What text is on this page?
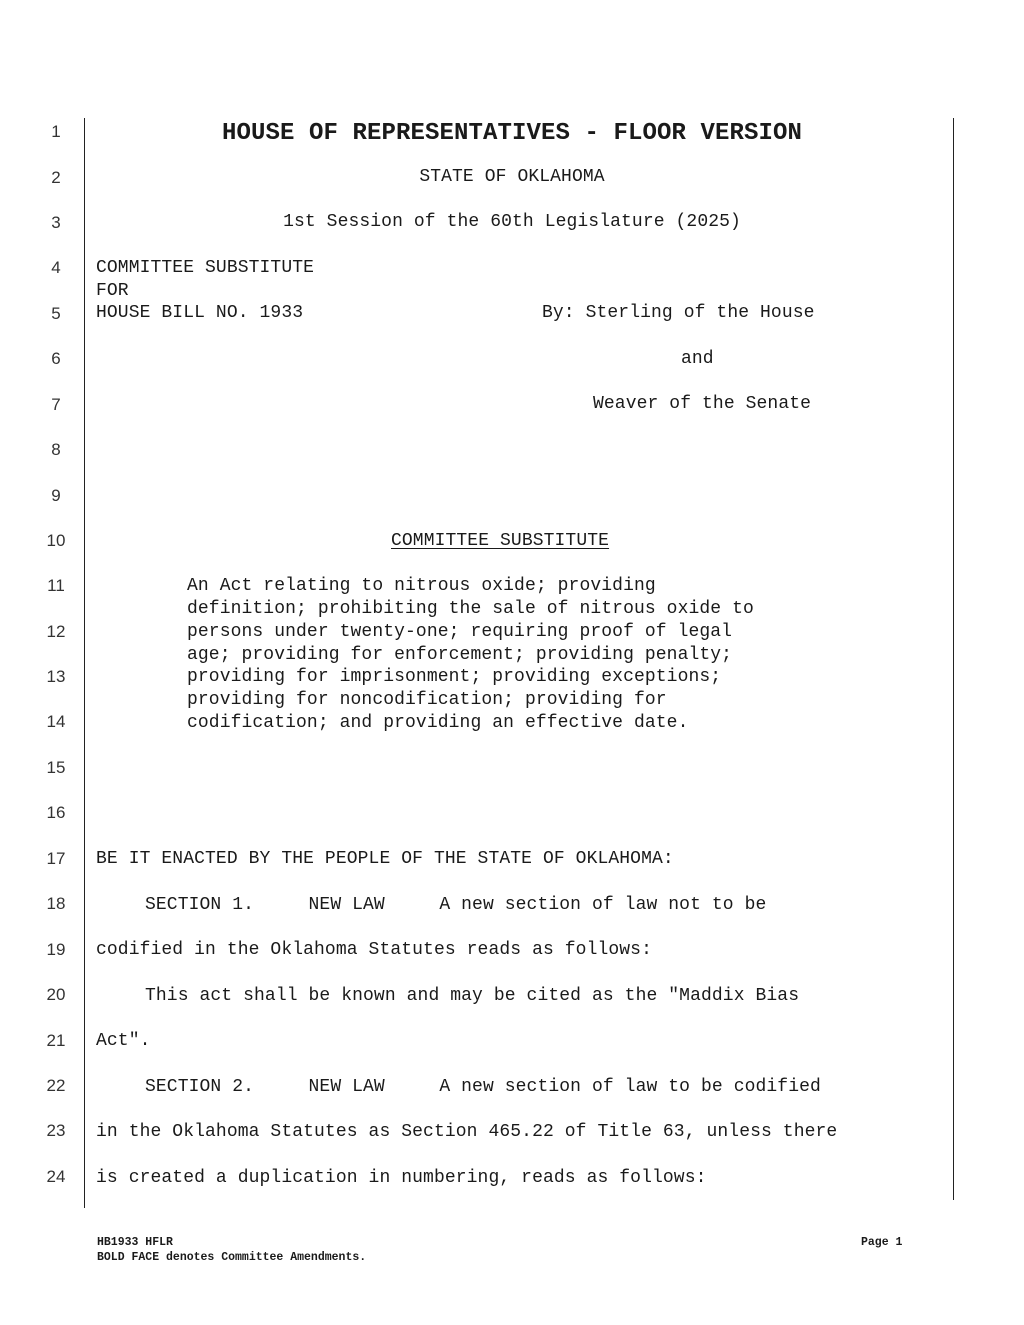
1
2
3
4
5
6
7
8
9
10
11
12
13
14
15
16
17
18
19
20
21
22
23
24
HOUSE OF REPRESENTATIVES - FLOOR VERSION
STATE OF OKLAHOMA
1st Session of the 60th Legislature (2025)
COMMITTEE SUBSTITUTE
FOR
HOUSE BILL NO. 1933	By: Sterling of the House
and
Weaver of the Senate
COMMITTEE SUBSTITUTE
An Act relating to nitrous oxide; providing
definition; prohibiting the sale of nitrous oxide to
persons under twenty-one; requiring proof of legal
age; providing for enforcement; providing penalty;
providing for imprisonment; providing exceptions;
providing for noncodification; providing for
codification; and providing an effective date.
BE IT ENACTED BY THE PEOPLE OF THE STATE OF OKLAHOMA:
SECTION 1.     NEW LAW     A new section of law not to be
codified in the Oklahoma Statutes reads as follows:
This act shall be known and may be cited as the "Maddix Bias
Act".
SECTION 2.     NEW LAW     A new section of law to be codified
in the Oklahoma Statutes as Section 465.22 of Title 63, unless there
is created a duplication in numbering, reads as follows:
HB1933 HFLR
BOLD FACE denotes Committee Amendments.
Page 1
